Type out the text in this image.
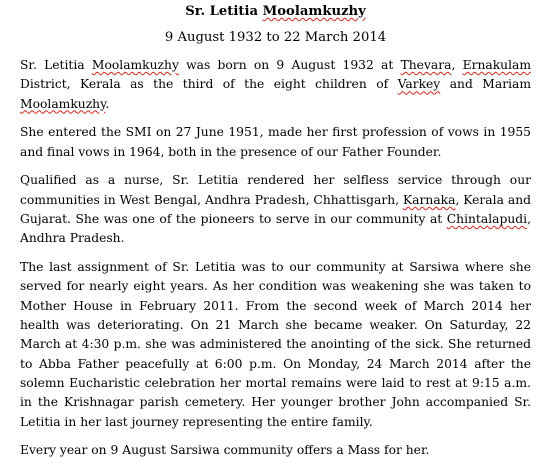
Sr. Letitia Moolamkuzhy
9 August 1932 to 22 March 2014

Sr. Letitia Moolamkuzhy was born on 9 August 1932 at Thevara, Ernakulam District, Kerala as the third of the eight children of Varkey and Mariam Moolamkuzhy.

She entered the SMI on 27 June 1951, made her first profession of vows in 1955 and final vows in 1964, both in the presence of our Father Founder.

Qualified as a nurse, Sr. Letitia rendered her selfless service through our communities in West Bengal, Andhra Pradesh, Chhattisgarh, Karnaka, Kerala and Gujarat. She was one of the pioneers to serve in our community at Chintalapudi, Andhra Pradesh.

The last assignment of Sr. Letitia was to our community at Sarsiwa where she served for nearly eight years. As her condition was weakening she was taken to Mother House in February 2011. From the second week of March 2014 her health was deteriorating. On 21 March she became weaker. On Saturday, 22 March at 4:30 p.m. she was administered the anointing of the sick. She returned to Abba Father peacefully at 6:00 p.m. On Monday, 24 March 2014 after the solemn Eucharistic celebration her mortal remains were laid to rest at 9:15 a.m. in the Krishnagar parish cemetery. Her younger brother John accompanied Sr. Letitia in her last journey representing the entire family.

Every year on 9 August Sarsiwa community offers a Mass for her.
